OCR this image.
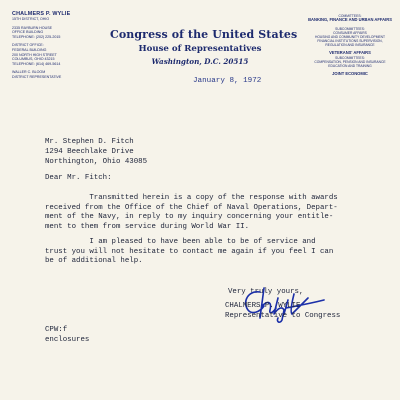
CHALMERS P. WYLIE
15TH DISTRICT, OHIO
2335 RAYBURN HOUSE
OFFICE BUILDING
TELEPHONE: (202) 225-2015
DISTRICT OFFICE:
FEDERAL BUILDING
200 NORTH HIGH STREET
COLUMBUS, OHIO 43215
TELEPHONE: (614) 469-5614
WALLER C. BLOOM
DISTRICT REPRESENTATIVE
Congress of the United States
House of Representatives
Washington, D.C. 20515
COMMITTEES:
BANKING, FINANCE AND URBAN AFFAIRS
SUBCOMMITTEES:
CONSUMER AFFAIRS
HOUSING AND COMMUNITY DEVELOPMENT
FINANCIAL INSTITUTIONS SUPERVISION,
REGULATION AND INSURANCE
VETERANS' AFFAIRS
SUBCOMMITTEES:
COMPENSATION, PENSION AND INSURANCE
EDUCATION AND TRAINING
JOINT ECONOMIC
January 8, 1972
Mr. Stephen D. Fitch
1294 Beechlake Drive
Northington, Ohio 43085
Dear Mr. Fitch:
Transmitted herein is a copy of the response with awards
received from the Office of the Chief of Naval Operations, Depart-
ment of the Navy, in reply to my inquiry concerning your entitle-
ment to them from service during World War II.
I am pleased to have been able to be of service and
trust you will not hesitate to contact me again if you feel I can
be of additional help.
Very truly yours,
CHALMERS P. WYLIE
Representative to Congress
CPW:f
enclosures
